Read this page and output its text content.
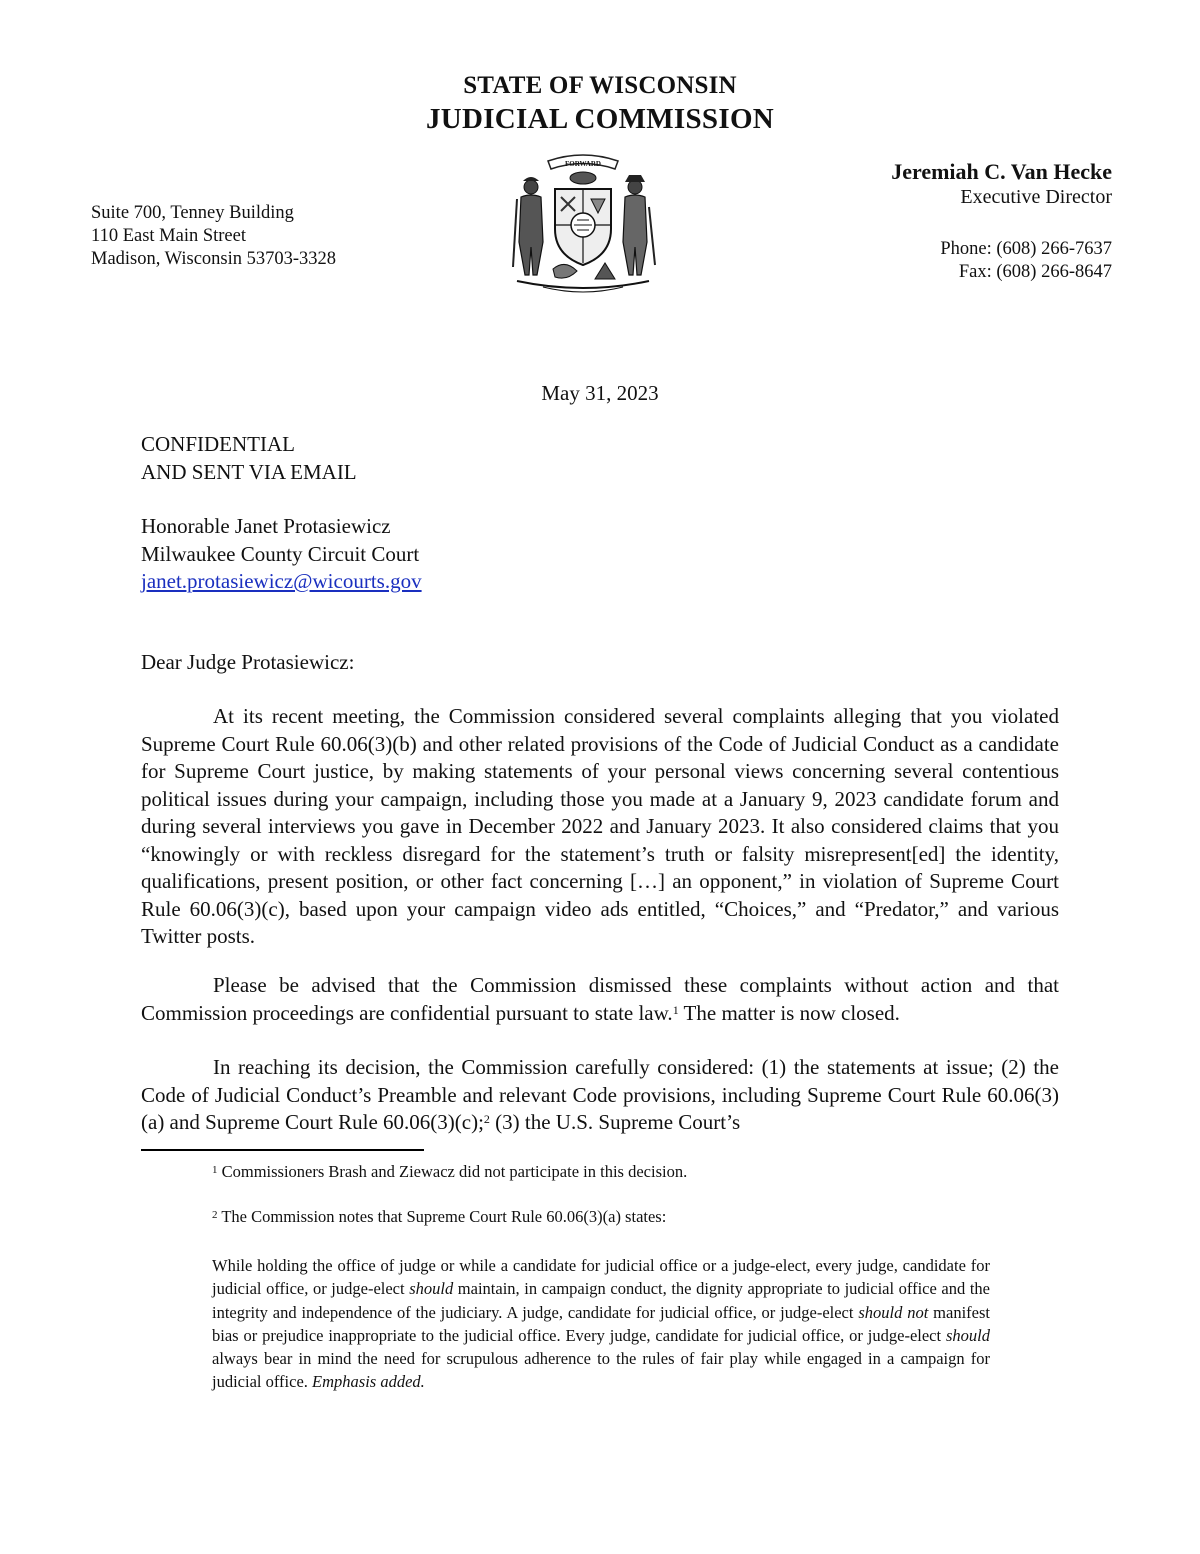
STATE OF WISCONSIN
JUDICIAL COMMISSION
Suite 700, Tenney Building
110 East Main Street
Madison, Wisconsin 53703-3328
FORWARD	Jeremiah C. Van Hecke
Executive Director
Phone: (608) 266-7637
Fax: (608) 266-8647
May 31, 2023
CONFIDENTIAL
AND SENT VIA EMAIL
Honorable Janet Protasiewicz
Milwaukee County Circuit Court
janet.protasiewicz@wicourts.gov
Dear Judge Protasiewicz:

At its recent meeting, the Commission considered several complaints alleging that you violated Supreme Court Rule 60.06(3)(b) and other related provisions of the Code of Judicial Conduct as a candidate for Supreme Court justice, by making statements of your personal views concerning several contentious political issues during your campaign, including those you made at a January 9, 2023 candidate forum and during several interviews you gave in December 2022 and January 2023. It also considered claims that you “knowingly or with reckless disregard for the statement’s truth or falsity misrepresent[ed] the identity, qualifications, present position, or other fact concerning […] an opponent,” in violation of Supreme Court Rule 60.06(3)(c), based upon your campaign video ads entitled, “Choices,” and “Predator,” and various Twitter posts.

Please be advised that the Commission dismissed these complaints without action and that Commission proceedings are confidential pursuant to state law.$^1$ The matter is now closed.

In reaching its decision, the Commission carefully considered: (1) the statements at issue; (2) the Code of Judicial Conduct’s Preamble and relevant Code provisions, including Supreme Court Rule 60.06(3)(a) and Supreme Court Rule 60.06(3)(c);$^2$ (3) the U.S. Supreme Court’s

$^1$ Commissioners Brash and Ziewacz did not participate in this decision.
$^2$ The Commission notes that Supreme Court Rule 60.06(3)(a) states:
While holding the office of judge or while a candidate for judicial office or a judge-elect, every judge, candidate for judicial office, or judge-elect should maintain, in campaign conduct, the dignity appropriate to judicial office and the integrity and independence of the judiciary. A judge, candidate for judicial office, or judge-elect should not manifest bias or prejudice inappropriate to the judicial office. Every judge, candidate for judicial office, or judge-elect should always bear in mind the need for scrupulous adherence to the rules of fair play while engaged in a campaign for judicial office. Emphasis added.
